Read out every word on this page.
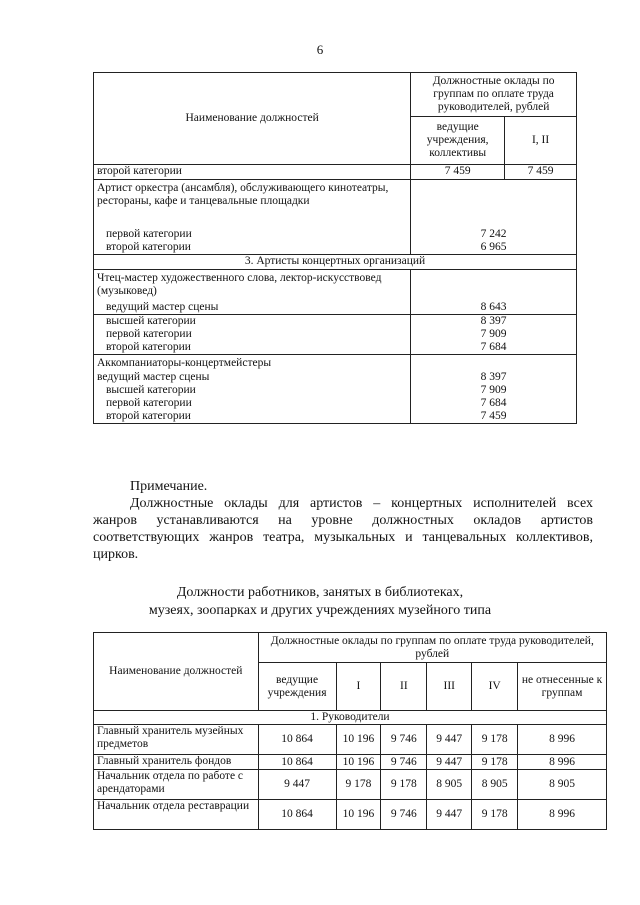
6
Наименование должностей	Должностные оклады по группам по оплате труда руководителей, рублей	
	ведущие учреждения, коллективы	I, II
второй категории	7 459	7 459
Артист оркестра (ансамбля), обслуживающего кинотеатры, рестораны, кафе и танцевальные площадки		
первой категории	7 242	
второй категории	6 965	
3. Артисты концертных организаций		
Чтец-мастер художественного слова, лектор-искусствовед (музыковед)		
ведущий мастер сцены	8 643	
высшей категории	8 397	
первой категории	7 909	
второй категории	7 684	
Аккомпаниаторы-концертмейстеры		
ведущий мастер сцены	8 397	
высшей категории	7 909	
первой категории	7 684	
второй категории	7 459	
Примечание.
Должностные оклады для артистов – концертных исполнителей всех
жанров устанавливаются на уровне должностных окладов артистов
соответствующих жанров театра, музыкальных и танцевальных коллективов,
цирков.
Должности работников, занятых в библиотеках,
музеях, зоопарках и других учреждениях музейного типа
Наименование должностей	Должностные оклады по группам по оплате труда руководителей, рублей					
	ведущие учреждения	I	II	III	IV	не отнесенные к группам
1. Руководители						
Главный хранитель музейных предметов	10 864	10 196	9 746	9 447	9 178	8 996
Главный хранитель фондов	10 864	10 196	9 746	9 447	9 178	8 996
Начальник отдела по работе с арендаторами	9 447	9 178	9 178	8 905	8 905	8 905
Начальник отдела реставрации	10 864	10 196	9 746	9 447	9 178	8 996
